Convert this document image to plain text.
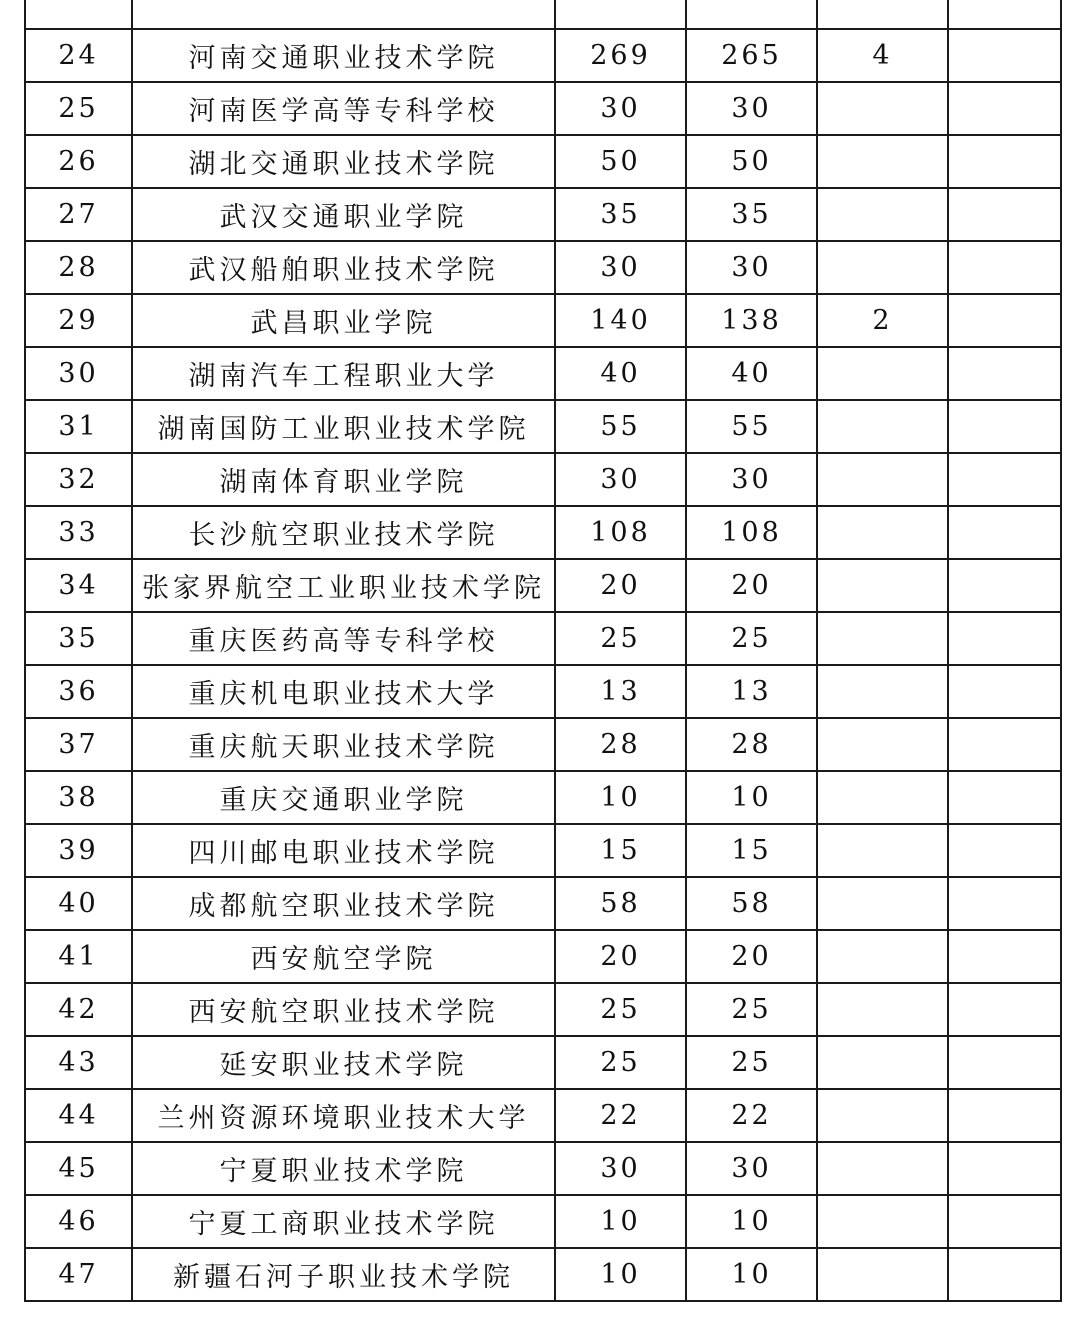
24	河南交通职业技术学院	269	265	4	
25	河南医学高等专科学校	30	30		
26	湖北交通职业技术学院	50	50		
27	武汉交通职业学院	35	35		
28	武汉船舶职业技术学院	30	30		
29	武昌职业学院	140	138	2	
30	湖南汽车工程职业大学	40	40		
31	湖南国防工业职业技术学院	55	55		
32	湖南体育职业学院	30	30		
33	长沙航空职业技术学院	108	108		
34	张家界航空工业职业技术学院	20	20		
35	重庆医药高等专科学校	25	25		
36	重庆机电职业技术大学	13	13		
37	重庆航天职业技术学院	28	28		
38	重庆交通职业学院	10	10		
39	四川邮电职业技术学院	15	15		
40	成都航空职业技术学院	58	58		
41	西安航空学院	20	20		
42	西安航空职业技术学院	25	25		
43	延安职业技术学院	25	25		
44	兰州资源环境职业技术大学	22	22		
45	宁夏职业技术学院	30	30		
46	宁夏工商职业技术学院	10	10		
47	新疆石河子职业技术学院	10	10		
